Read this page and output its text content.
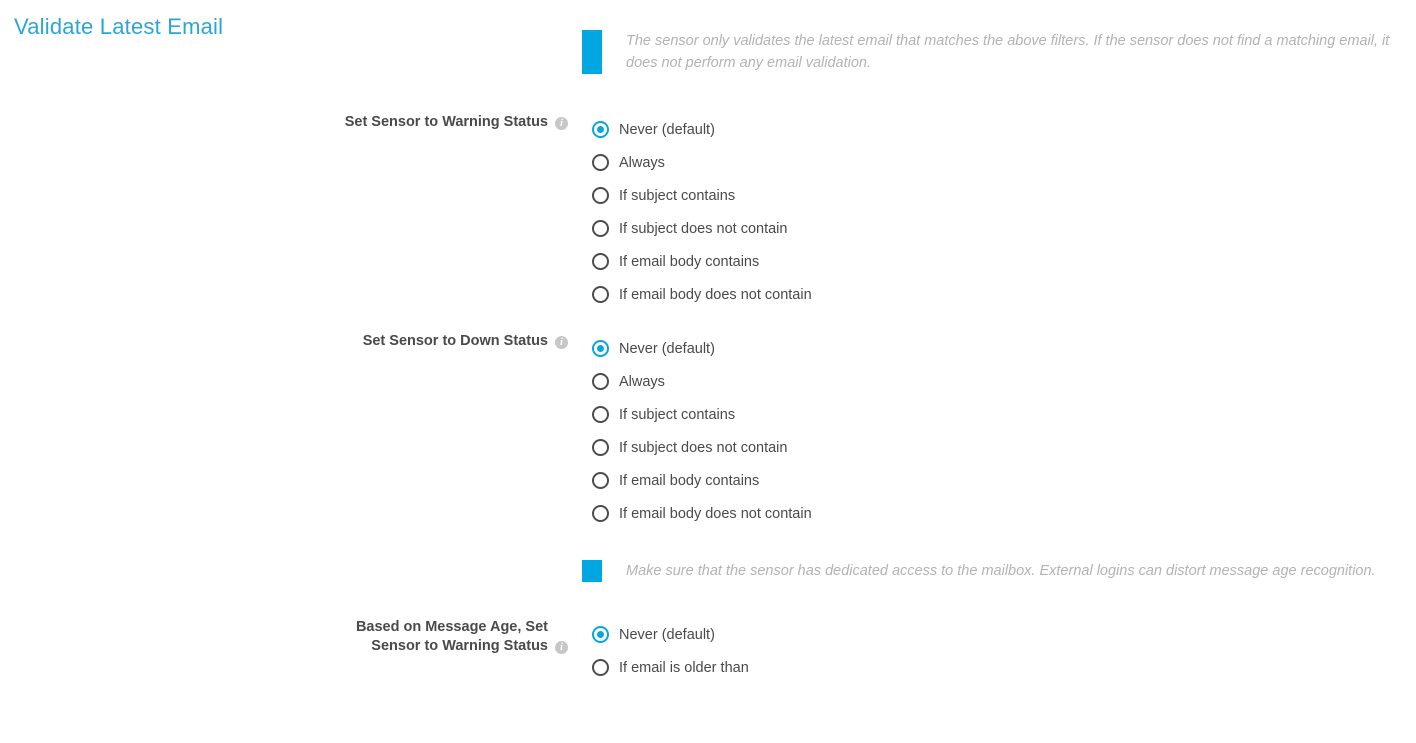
Validate Latest Email
The sensor only validates the latest email that matches the above filters. If the sensor does not find a matching email, it does not perform any email validation.
Set Sensor to Warning Status	i	Never (default)
Always
If subject contains
If subject does not contain
If email body contains
If email body does not contain
Set Sensor to Down Status	i	Never (default)
Always
If subject contains
If subject does not contain
If email body contains
If email body does not contain
Make sure that the sensor has dedicated access to the mailbox. External logins can distort message age recognition.
Based on Message Age, Set Sensor to Warning Status	i
Never (default)
If email is older than
